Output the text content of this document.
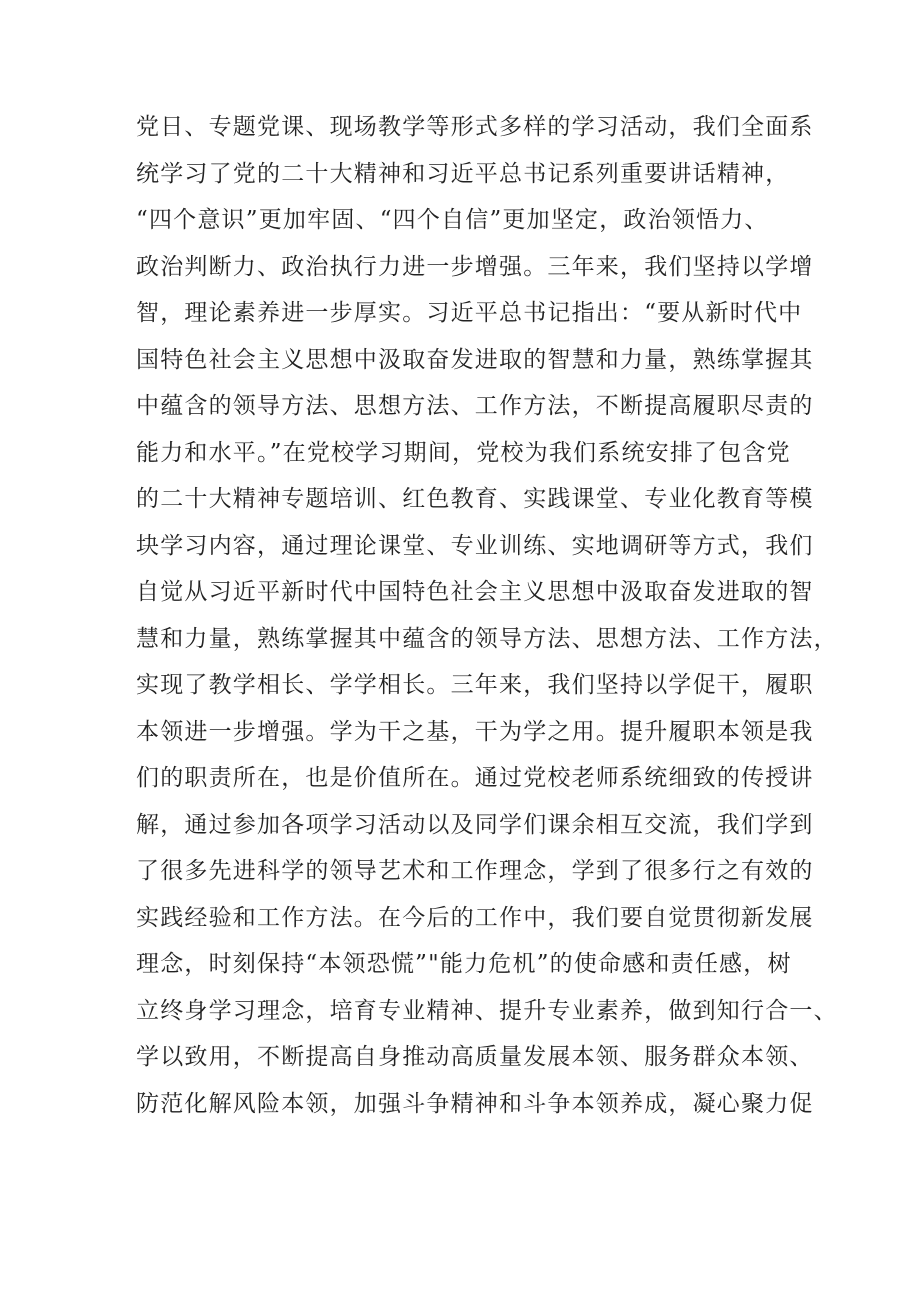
党日、专题党课、现场教学等形式多样的学习活动，我们全面系
统学习了党的二十大精神和习近平总书记系列重要讲话精神，
“四个意识”更加牢固、“四个自信”更加坚定，政治领悟力、
政治判断力、政治执行力进一步增强。三年来，我们坚持以学增
智，理论素养进一步厚实。习近平总书记指出：“要从新时代中
国特色社会主义思想中汲取奋发进取的智慧和力量，熟练掌握其
中蕴含的领导方法、思想方法、工作方法，不断提高履职尽责的
能力和水平。”在党校学习期间，党校为我们系统安排了包含党
的二十大精神专题培训、红色教育、实践课堂、专业化教育等模
块学习内容，通过理论课堂、专业训练、实地调研等方式，我们
自觉从习近平新时代中国特色社会主义思想中汲取奋发进取的智
慧和力量，熟练掌握其中蕴含的领导方法、思想方法、工作方法，
实现了教学相长、学学相长。三年来，我们坚持以学促干，履职
本领进一步增强。学为干之基，干为学之用。提升履职本领是我
们的职责所在，也是价值所在。通过党校老师系统细致的传授讲
解，通过参加各项学习活动以及同学们课余相互交流，我们学到
了很多先进科学的领导艺术和工作理念，学到了很多行之有效的
实践经验和工作方法。在今后的工作中，我们要自觉贯彻新发展
理念，时刻保持“本领恐慌”"能力危机”的使命感和责任感，树
立终身学习理念，培育专业精神、提升专业素养，做到知行合一、
学以致用，不断提高自身推动高质量发展本领、服务群众本领、
防范化解风险本领，加强斗争精神和斗争本领养成，凝心聚力促
